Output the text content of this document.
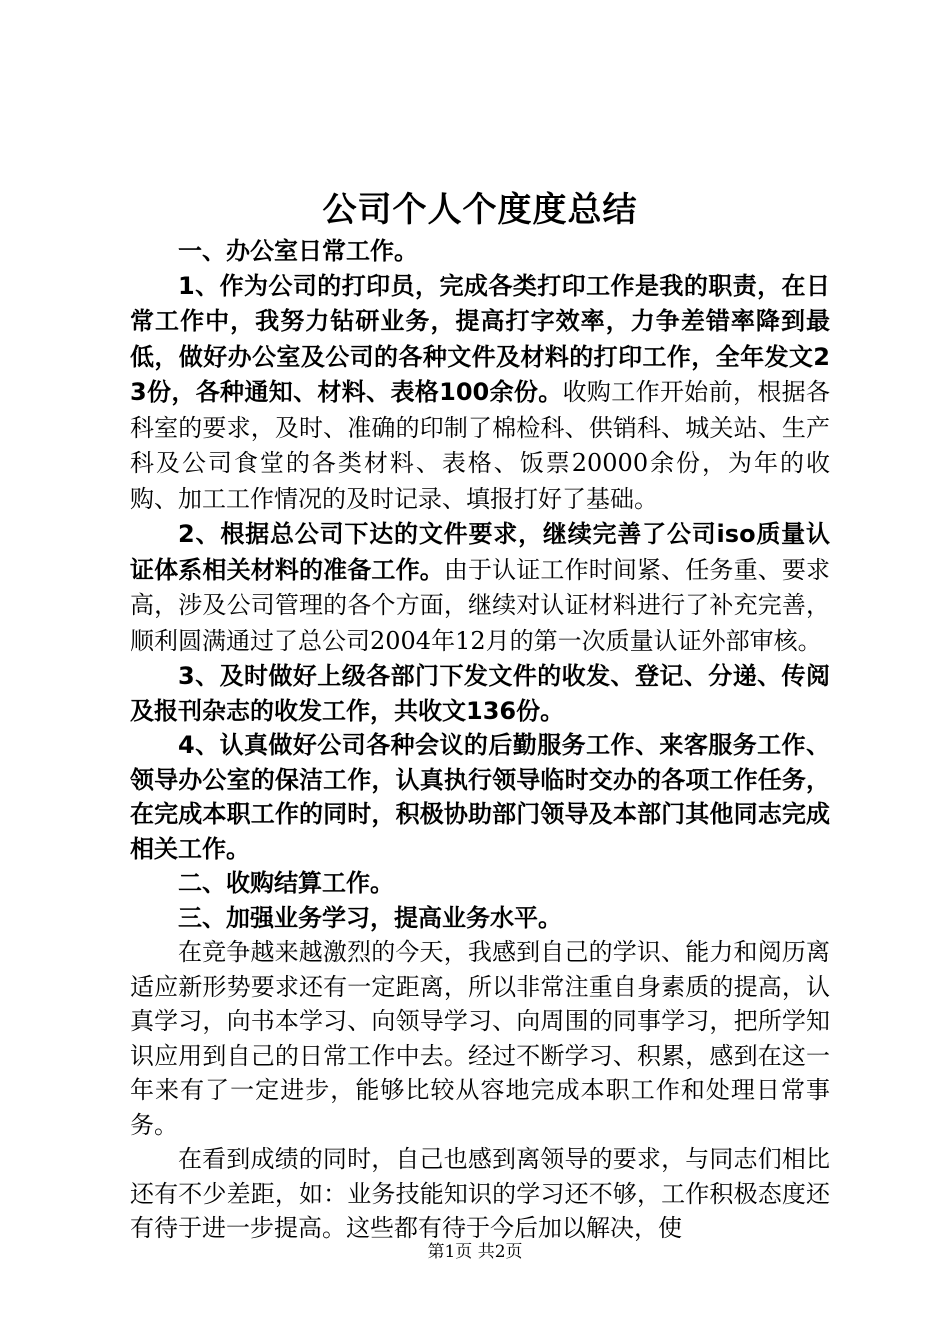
公司个人个度度总结

一、办公室日常工作。

1、作为公司的打印员，完成各类打印工作是我的职责，在日常工作中，我努力钻研业务，提高打字效率，力争差错率降到最低，做好办公室及公司的各种文件及材料的打印工作，全年发文23份，各种通知、材料、表格100余份。收购工作开始前，根据各科室的要求，及时、准确的印制了棉检科、供销科、城关站、生产科及公司食堂的各类材料、表格、饭票20000余份，为年的收购、加工工作情况的及时记录、填报打好了基础。

2、根据总公司下达的文件要求，继续完善了公司iso质量认证体系相关材料的准备工作。由于认证工作时间紧、任务重、要求高，涉及公司管理的各个方面，继续对认证材料进行了补充完善，顺利圆满通过了总公司2004年12月的第一次质量认证外部审核。

3、及时做好上级各部门下发文件的收发、登记、分递、传阅及报刊杂志的收发工作，共收文136份。

4、认真做好公司各种会议的后勤服务工作、来客服务工作、领导办公室的保洁工作，认真执行领导临时交办的各项工作任务，在完成本职工作的同时，积极协助部门领导及本部门其他同志完成相关工作。

二、收购结算工作。

三、加强业务学习，提高业务水平。

在竞争越来越激烈的今天，我感到自己的学识、能力和阅历离适应新形势要求还有一定距离，所以非常注重自身素质的提高，认真学习，向书本学习、向领导学习、向周围的同事学习，把所学知识应用到自己的日常工作中去。经过不断学习、积累，感到在这一年来有了一定进步，能够比较从容地完成本职工作和处理日常事务。

在看到成绩的同时，自己也感到离领导的要求，与同志们相比还有不少差距，如：业务技能知识的学习还不够，工作积极态度还有待于进一步提高。这些都有待于今后加以解决，使

第1页 共2页
